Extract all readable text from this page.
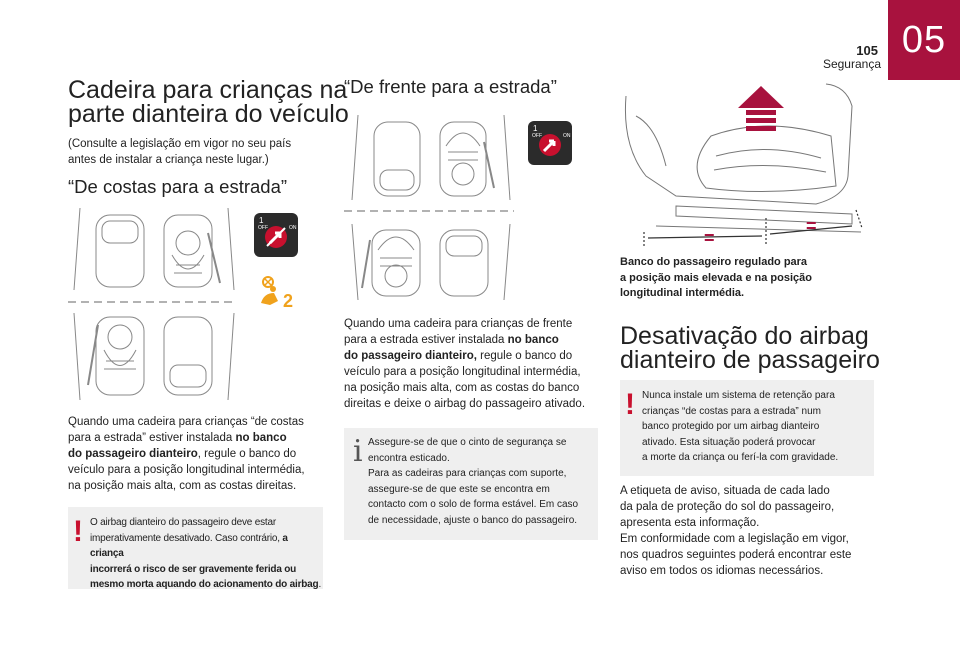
105
Segurança
05
Cadeira para crianças na
parte dianteira do veículo
(Consulte a legislação em vigor no seu país
antes de instalar a criança neste lugar.)
“De costas para a estrada”
1
OFF	ON
2
Quando uma cadeira para crianças “de costas
para a estrada” estiver instalada no banco
do passageiro dianteiro, regule o banco do
veículo para a posição longitudinal intermédia,
na posição mais alta, com as costas direitas.
! O airbag dianteiro do passageiro deve estar
imperativamente desativado. Caso contrário, a criança
incorrerá o risco de ser gravemente ferida ou
mesmo morta aquando do acionamento do airbag.
“De frente para a estrada”
1
OFF	ON
Quando uma cadeira para crianças de frente
para a estrada estiver instalada no banco
do passageiro dianteiro, regule o banco do
veículo para a posição longitudinal intermédia,
na posição mais alta, com as costas do banco
direitas e deixe o airbag do passageiro ativado.
i Assegure-se de que o cinto de segurança se
encontra esticado.
Para as cadeiras para crianças com suporte,
assegure-se de que este se encontra em
contacto com o solo de forma estável. Em caso
de necessidade, ajuste o banco do passageiro.
=
=
Banco do passageiro regulado para
a posição mais elevada e na posição
longitudinal intermédia.
Desativação do airbag
dianteiro de passageiro
! Nunca instale um sistema de retenção para
crianças “de costas para a estrada” num
banco protegido por um airbag dianteiro
ativado. Esta situação poderá provocar
a morte da criança ou ferí-la com gravidade.
A etiqueta de aviso, situada de cada lado
da pala de proteção do sol do passageiro,
apresenta esta informação.
Em conformidade com a legislação em vigor,
nos quadros seguintes poderá encontrar este
aviso em todos os idiomas necessários.
